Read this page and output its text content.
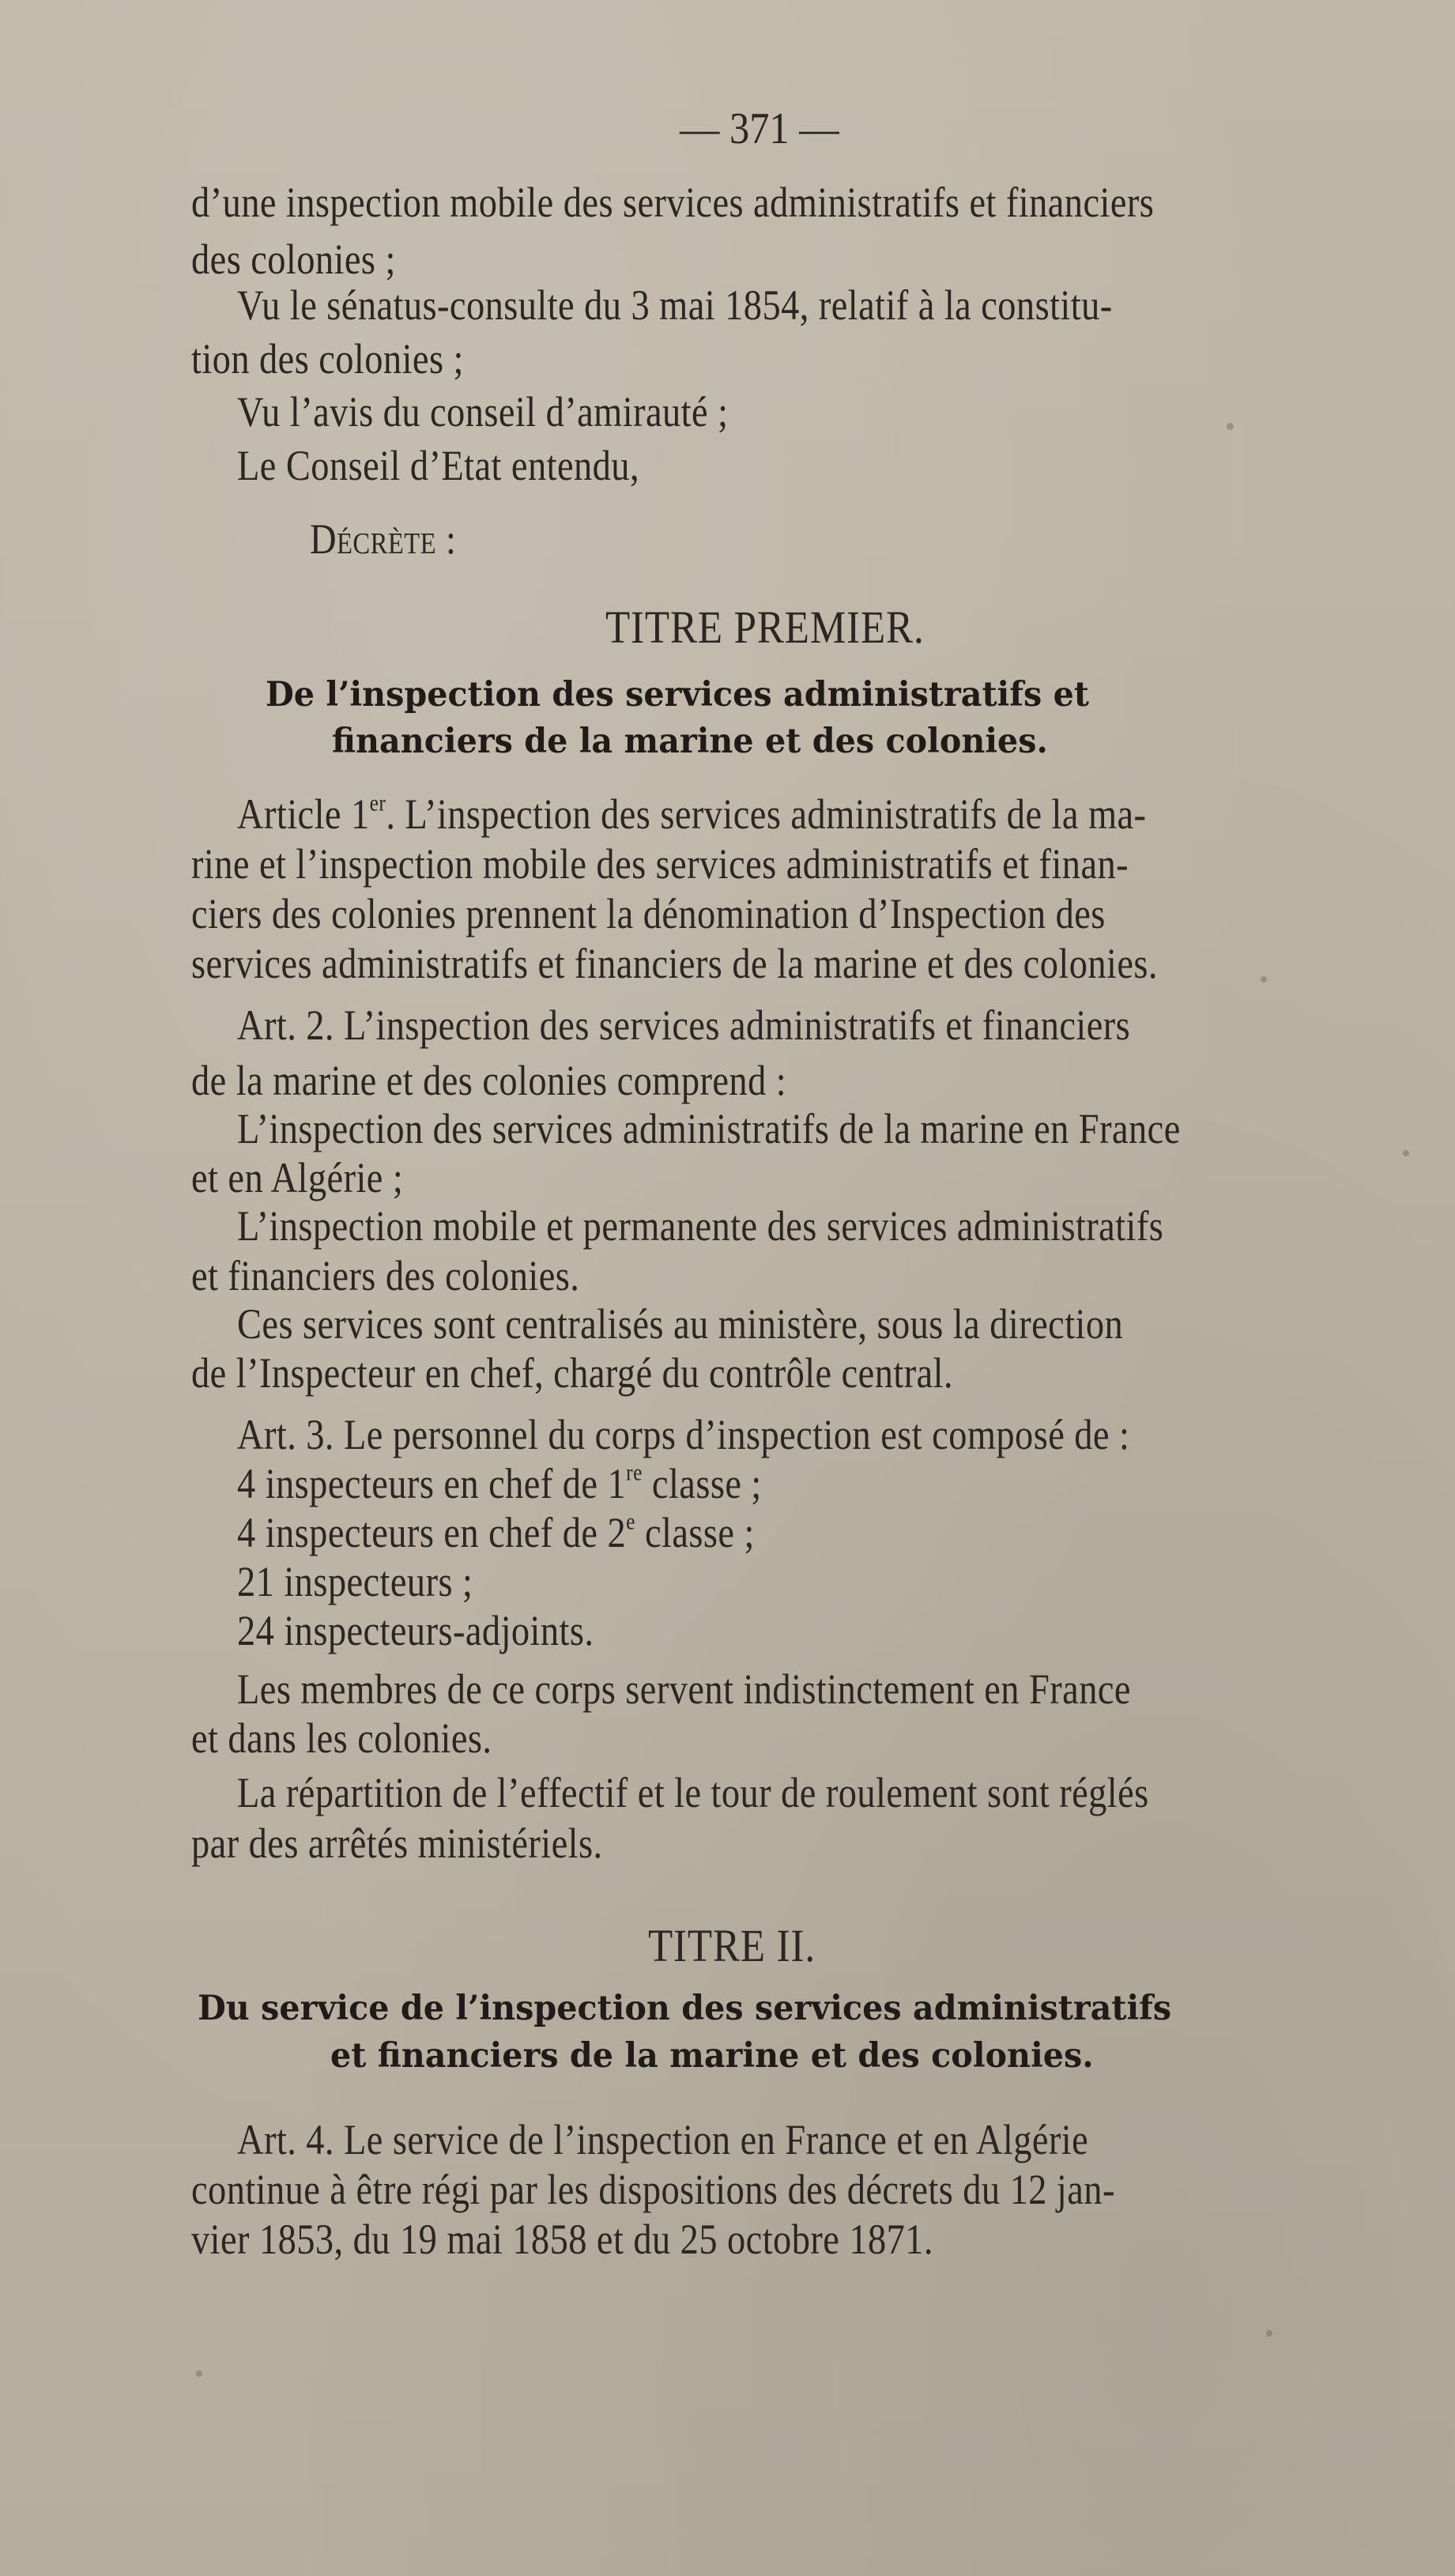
— 371 —
d’une inspection mobile des services administratifs et financiers
des colonies ;
Vu le sénatus-consulte du 3 mai 1854, relatif à la constitu-
tion des colonies ;
Vu l’avis du conseil d’amirauté ;
Le Conseil d’Etat entendu,
Décrète :
TITRE PREMIER.
De l’inspection des services administratifs et
financiers de la marine et des colonies.
Article 1er. L’inspection des services administratifs de la ma-
rine et l’inspection mobile des services administratifs et finan-
ciers des colonies prennent la dénomination d’Inspection des
services administratifs et financiers de la marine et des colonies.
Art. 2. L’inspection des services administratifs et financiers
de la marine et des colonies comprend :
L’inspection des services administratifs de la marine en France
et en Algérie ;
L’inspection mobile et permanente des services administratifs
et financiers des colonies.
Ces services sont centralisés au ministère, sous la direction
de l’Inspecteur en chef, chargé du contrôle central.
Art. 3. Le personnel du corps d’inspection est composé de :
4 inspecteurs en chef de 1re classe ;
4 inspecteurs en chef de 2e classe ;
21 inspecteurs ;
24 inspecteurs-adjoints.
Les membres de ce corps servent indistinctement en France
et dans les colonies.
La répartition de l’effectif et le tour de roulement sont réglés
par des arrêtés ministériels.
TITRE II.
Du service de l’inspection des services administratifs
et financiers de la marine et des colonies.
Art. 4. Le service de l’inspection en France et en Algérie
continue à être régi par les dispositions des décrets du 12 jan-
vier 1853, du 19 mai 1858 et du 25 octobre 1871.
